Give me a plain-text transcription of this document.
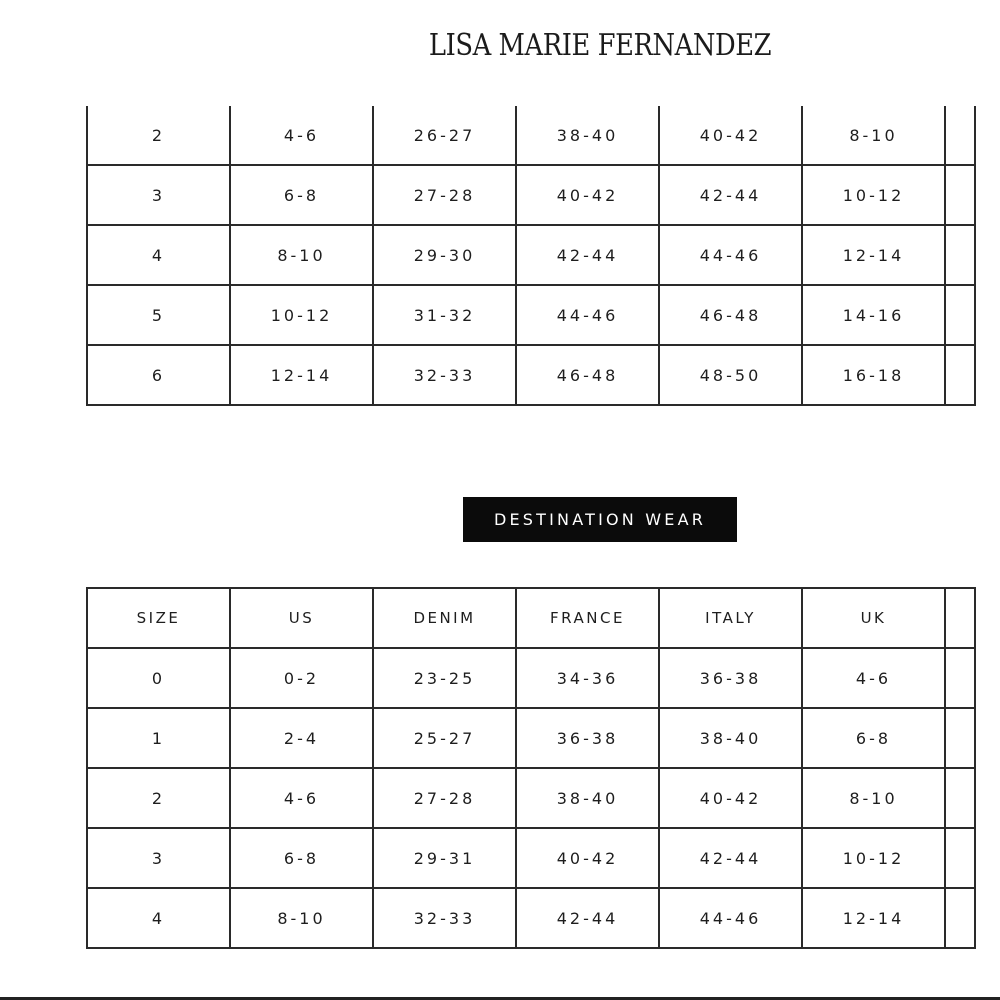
LISA MARIE FERNANDEZ
2	4-6	26-27	38-40	40-42	8-10	
3	6-8	27-28	40-42	42-44	10-12	
4	8-10	29-30	42-44	44-46	12-14	
5	10-12	31-32	44-46	46-48	14-16	
6	12-14	32-33	46-48	48-50	16-18	
DESTINATION WEAR
SIZE	US	DENIM	FRANCE	ITALY	UK	
0	0-2	23-25	34-36	36-38	4-6	
1	2-4	25-27	36-38	38-40	6-8	
2	4-6	27-28	38-40	40-42	8-10	
3	6-8	29-31	40-42	42-44	10-12	
4	8-10	32-33	42-44	44-46	12-14	
